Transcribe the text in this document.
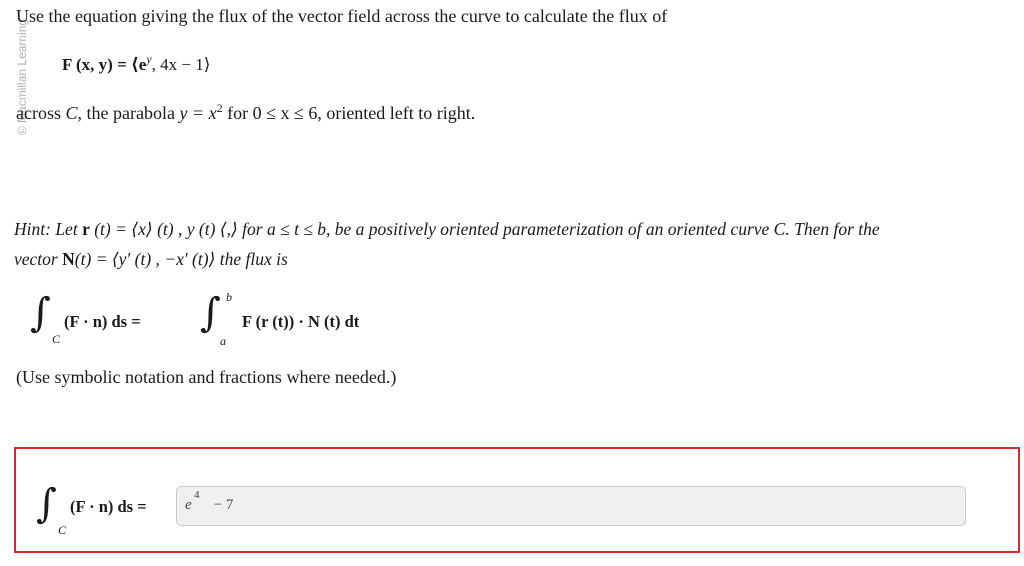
© Macmillan Learning
Use the equation giving the flux of the vector field across the curve to calculate the flux of
F (x, $y) = ⟨e^y$, 4x − 1⟩
across C, the parabola $y = x^2$ for 0 ≤ x ≤ 6, oriented left to right.
Hint: Let r (t) = ⟨x⟩ (t) , y (t) ⟨,⟩ for a ≤ t ≤ b, be a positively oriented parameterization of an oriented curve C. Then for the
vector N(t) = ⟨y′ (t) , −x′ (t)⟩ the flux is
∫
C
(F · n) ds = ∫ b
a
F (r (t)) · N (t) dt
(Use symbolic notation and fractions where needed.)
∫
C
(F · n) ds =	e
4
− 7
